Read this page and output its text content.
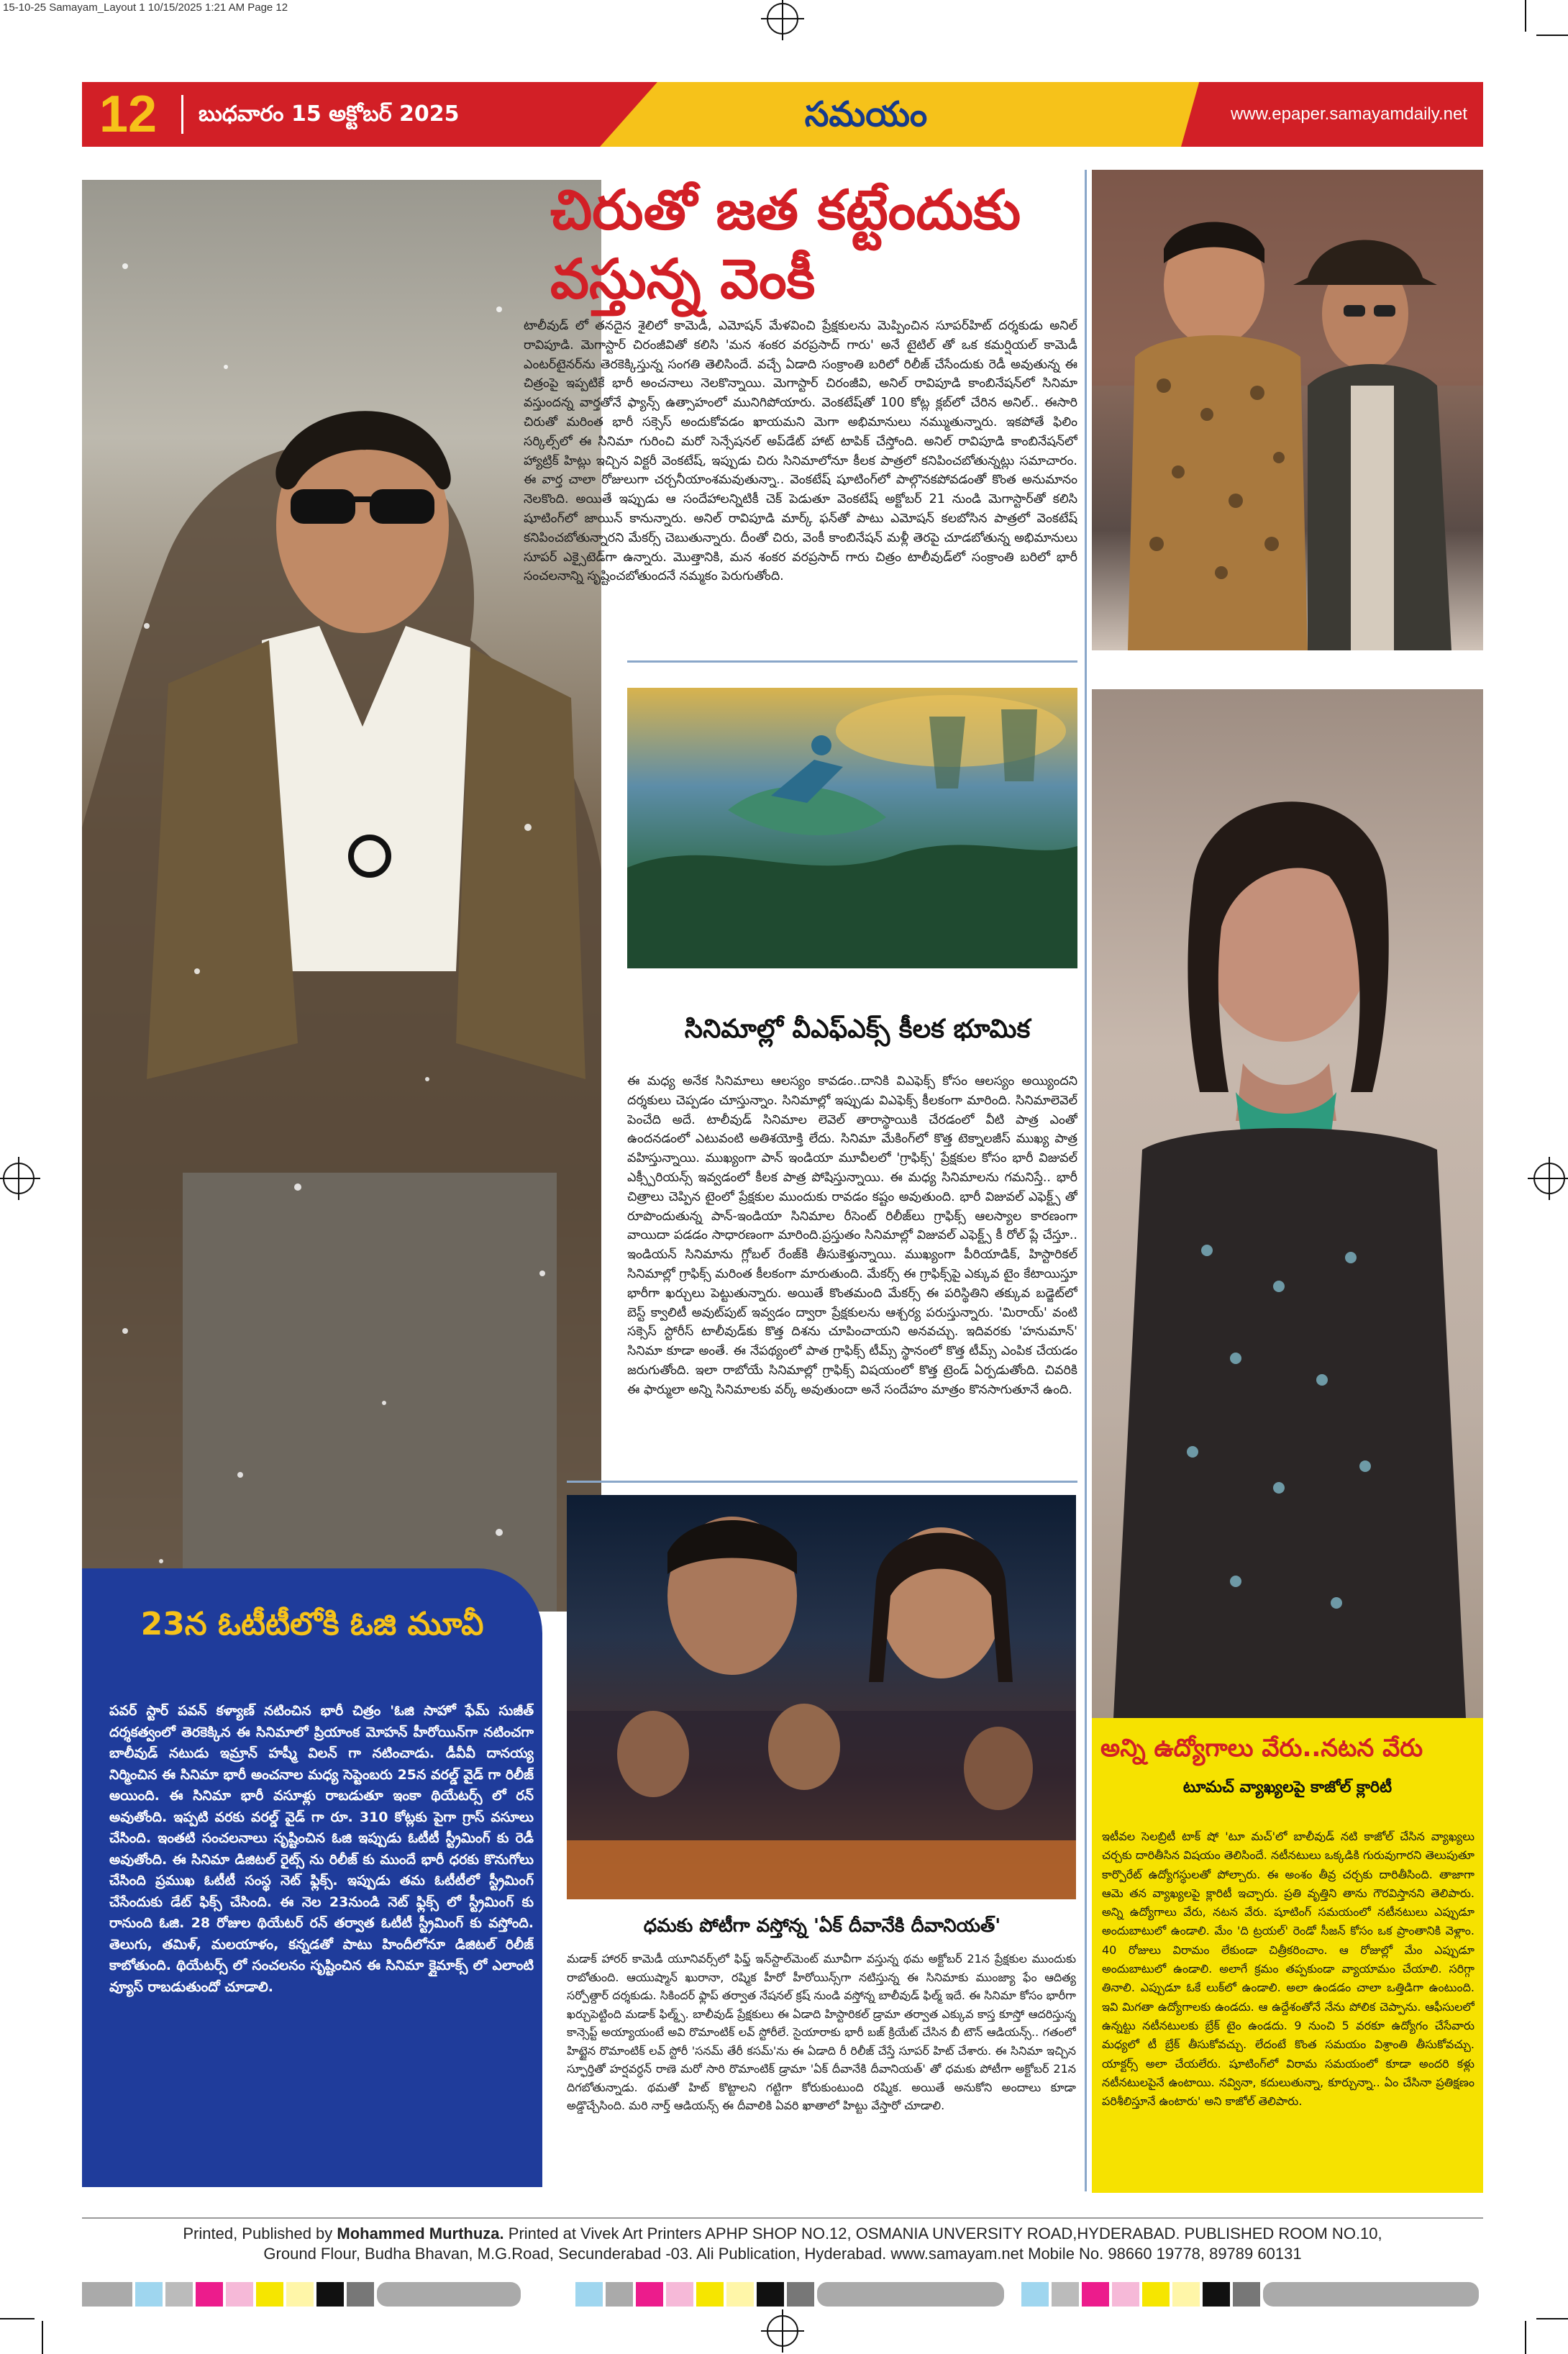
15-10-25 Samayam_Layout 1 10/15/2025 1:21 AM Page 12
12 బుధవారం 15 అక్టోబర్ 2025	సమయం	www.epaper.samayamdaily.net
23న ఓటీటీలోకి ఓజి మూవీ
పవర్ స్టార్ పవన్ కళ్యాణ్ నటించిన భారీ చిత్రం 'ఓజి సాహో ఫేమ్ సుజీత్ దర్శకత్వంలో తెరకెక్కిన ఈ సినిమాలో ప్రియాంక మోహన్ హీరోయిన్‌గా నటించగా బాలీవుడ్ నటుడు ఇమ్రాన్ హష్మీ విలన్ గా నటించాడు. డీవీవీ దానయ్య నిర్మించిన ఈ సినిమా భారీ అంచనాల మధ్య సెప్టెంబరు 25న వరల్డ్ వైడ్ గా రిలీజ్ అయింది. ఈ సినిమా భారీ వసూళ్లు రాబడుతూ ఇంకా థియేటర్స్ లో రన్ అవుతోంది. ఇప్పటి వరకు వరల్డ్ వైడ్ గా రూ. 310 కోట్లకు పైగా గ్రాస్ వసూలు చేసింది. ఇంతటి సంచలనాలు సృష్టించిన ఓజి ఇప్పుడు ఓటీటీ స్ట్రీమింగ్ కు రెడీ అవుతోంది. ఈ సినిమా డిజిటల్ రైట్స్ ను రిలీజ్ కు ముందే భారీ ధరకు కొనుగోలు చేసింది ప్రముఖ ఓటీటీ సంస్థ నెట్ ఫ్లిక్స్. ఇప్పుడు తమ ఓటీటీలో స్ట్రీమింగ్ చేసేందుకు డేట్ ఫిక్స్ చేసింది. ఈ నెల 23నుండి నెట్ ఫ్లిక్స్ లో స్ట్రీమింగ్ కు రానుంది ఓజి. 28 రోజుల థియేటర్ రన్ తర్వాత ఓటీటీ స్ట్రీమింగ్ కు వస్తోంది. తెలుగు, తమిళ్, మలయాళం, కన్నడతో పాటు హిందీలోనూ డిజిటల్ రిలీజ్ కాబోతుంది. థియేటర్స్ లో సంచలనం సృష్టించిన ఈ సినిమా క్లైమాక్స్ లో ఎలాంటి వ్యూస్ రాబడుతుందో చూడాలి.
చిరుతో జత కట్టేందుకు వస్తున్న వెంకీ
టాలీవుడ్ లో తనదైన శైలిలో కామెడీ, ఎమోషన్ మేళవించి ప్రేక్షకులను మెప్పించిన సూపర్‌హిట్ దర్శకుడు అనిల్ రావిపూడి. మెగాస్టార్ చిరంజీవితో కలిసి 'మన శంకర వరప్రసాద్ గారు' అనే టైటిల్ తో ఒక కమర్షియల్ కామెడీ ఎంటర్‌టైనర్‌ను తెరకెక్కిస్తున్న సంగతి తెలిసిందే. వచ్చే ఏడాది సంక్రాంతి బరిలో రిలీజ్ చేసేందుకు రెడీ అవుతున్న ఈ చిత్రంపై ఇప్పటికే భారీ అంచనాలు నెలకొన్నాయి. మెగాస్టార్ చిరంజీవి, అనిల్ రావిపూడి కాంబినేషన్‌లో సినిమా వస్తుందన్న వార్తతోనే ఫ్యాన్స్ ఉత్సాహంలో మునిగిపోయారు. వెంకటేష్‌తో 100 కోట్ల క్లబ్‌లో చేరిన అనిల్.. ఈసారి చిరుతో మరింత భారీ సక్సెస్ అందుకోవడం ఖాయమని మెగా అభిమానులు నమ్ముతున్నారు. ఇకపోతే ఫిలిం సర్కిల్స్‌లో ఈ సినిమా గురించి మరో సెన్సేషనల్ అప్‌డేట్ హాట్ టాపిక్ చేస్తోంది. అనిల్ రావిపూడి కాంబినేషన్‌లో హ్యాట్రిక్ హిట్లు ఇచ్చిన విక్టరీ వెంకటేష్, ఇప్పుడు చిరు సినిమాలోనూ కీలక పాత్రలో కనిపించబోతున్నట్లు సమాచారం. ఈ వార్త చాలా రోజులుగా చర్చనీయాంశమవుతున్నా.. వెంకటేష్ షూటింగ్‌లో పాల్గొనకపోవడంతో కొంత అనుమానం నెలకొంది. అయితే ఇప్పుడు ఆ సందేహాలన్నిటికీ చెక్ పెడుతూ వెంకటేష్ అక్టోబర్ 21 నుండి మెగాస్టార్‌తో కలిసి షూటింగ్‌లో జాయిన్ కానున్నారు. అనిల్ రావిపూడి మార్క్ ఫన్‌తో పాటు ఎమోషన్ కలబోసిన పాత్రలో వెంకటేష్ కనిపించబోతున్నారని మేకర్స్ చెబుతున్నారు. దీంతో చిరు, వెంకీ కాంబినేషన్ మళ్లీ తెరపై చూడబోతున్న అభిమానులు సూపర్ ఎక్సైటెడ్‌గా ఉన్నారు. మొత్తానికి, మన శంకర వరప్రసాద్ గారు చిత్రం టాలీవుడ్‌లో సంక్రాంతి బరిలో భారీ సంచలనాన్ని సృష్టించబోతుందనే నమ్మకం పెరుగుతోంది.
సినిమాల్లో వీఎఫ్ఎక్స్ కీలక భూమిక
ఈ మధ్య అనేక సినిమాలు ఆలస్యం కావడం..దానికి విఎఫెక్స్ కోసం ఆలస్యం అయ్యిందని దర్శకులు చెప్పడం చూస్తున్నాం. సినిమాల్లో ఇప్పుడు విఎఫెక్స్ కీలకంగా మారింది. సినిమాలెవెల్ పెంచేది అదే. టాలీవుడ్ సినిమాల లెవెల్ తారాస్థాయికి చేరడంలో వీటి పాత్ర ఎంతో ఉందనడంలో ఎటువంటి అతిశయోక్తి లేదు. సినిమా మేకింగ్‌లో కొత్త టెక్నాలజీస్ ముఖ్య పాత్ర వహిస్తున్నాయి. ముఖ్యంగా పాన్ ఇండియా మూవీలలో 'గ్రాఫిక్స్' ప్రేక్షకుల కోసం భారీ విజువల్ ఎక్స్పీరియన్స్ ఇవ్వడంలో కీలక పాత్ర పోషిస్తున్నాయి. ఈ మధ్య సినిమాలను గమనిస్తే.. భారీ చిత్రాలు చెప్పిన టైంలో ప్రేక్షకుల ముందుకు రావడం కష్టం అవుతుంది. భారీ విజువల్ ఎఫెక్ట్స్ తో రూపొందుతున్న పాన్-ఇండియా సినిమాల రీసెంట్ రిలీజ్‌లు గ్రాఫిక్స్ ఆలస్యాల కారణంగా వాయిదా పడడం సాధారణంగా మారింది.ప్రస్తుతం సినిమాల్లో విజువల్ ఎఫెక్ట్స్ కీ రోల్ ప్లే చేస్తూ.. ఇండియన్ సినిమాను గ్లోబల్ రేంజ్‌కి తీసుకెళ్తున్నాయి. ముఖ్యంగా పీరియాడిక్, హిస్టారికల్ సినిమాల్లో గ్రాఫిక్స్ మరింత కీలకంగా మారుతుంది. మేకర్స్ ఈ గ్రాఫిక్స్‌పై ఎక్కువ టైం కేటాయిస్తూ భారీగా ఖర్చులు పెట్టుతున్నారు. అయితే కొంతమంది మేకర్స్ ఈ పరిస్థితిని తక్కువ బడ్జెట్‌లో బెస్ట్ క్వాలిటీ అవుట్‌పుట్ ఇవ్వడం ద్వారా ప్రేక్షకులను ఆశ్చర్య పరుస్తున్నారు. 'మిరాయ్' వంటి సక్సెస్ స్టోరీస్ టాలీవుడ్‌కు కొత్త దిశను చూపించాయని అనవచ్చు. ఇదివరకు 'హనుమాన్' సినిమా కూడా అంతే. ఈ నేపథ్యంలో పాత గ్రాఫిక్స్ టీమ్స్ స్థానంలో కొత్త టీమ్స్ ఎంపిక చేయడం జరుగుతోంది. ఇలా రాబోయే సినిమాల్లో గ్రాఫిక్స్ విషయంలో కొత్త ట్రెండ్ ఏర్పడుతోంది. చివరికి ఈ ఫార్ములా అన్ని సినిమాలకు వర్క్ అవుతుందా అనే సందేహం మాత్రం కొనసాగుతూనే ఉంది.
ధమకు పోటీగా వస్తోన్న 'ఏక్ దీవానేకి దీవానియత్'
మడాక్ హారర్ కామెడీ యూనివర్స్‌లో ఫిఫ్త్ ఇన్‌స్టాల్‌మెంట్ మూవీగా వస్తున్న థమ అక్టోబర్ 21న ప్రేక్షకుల ముందుకు రాబోతుంది. ఆయుష్మాన్ ఖురానా, రష్మిక హీరో హీరోయిన్స్‌గా నటిస్తున్న ఈ సినిమాకు ముంజ్యా ఫేం ఆదిత్య సర్పోత్దార్ దర్శకుడు. సికిందర్ ఫ్లాప్ తర్వాత నేషనల్ క్రష్ నుండి వస్తోన్న బాలీవుడ్ ఫిల్మ్ ఇదే. ఈ సినిమా కోసం భారీగా ఖర్చుపెట్టింది మడాక్ ఫిల్మ్స్. బాలీవుడ్ ప్రేక్షకులు ఈ ఏడాది హిస్టారికల్ డ్రామా తర్వాత ఎక్కువ కాస్త కూస్తో ఆదరిస్తున్న కాన్సెప్ట్ అయ్యాయంటే అవి రొమాంటిక్ లవ్ స్టోరీలే. సైయారాకు భారీ బజ్ క్రియేట్ చేసిన బీ టౌన్ ఆడియన్స్.. గతంలో హిట్టైన రొమాంటిక్ లవ్ స్టోరీ 'సనమ్ తేరీ కసమ్'ను ఈ ఏడాది రీ రిలీజ్ చేస్తే సూపర్ హిట్ చేశారు. ఈ సినిమా ఇచ్చిన స్ఫూర్తితో హర్షవర్ధన్ రాణె మరో సారి రొమాంటిక్ డ్రామా 'ఏక్ దీవానేకి దీవానియత్' తో ధమకు పోటీగా అక్టోబర్ 21న దిగబోతున్నాడు. థమతో హిట్ కొట్టాలని గట్టిగా కోరుకుంటుంది రష్మిక. అయితే అనుకోని అందాలు కూడా అడ్డొచ్చేసింది. మరి నార్త్ ఆడియన్స్ ఈ దీవాలికి ఏవరి ఖాతాలో హిట్టు వేస్తారో చూడాలి.
అన్ని ఉద్యోగాలు వేరు..నటన వేరు
టూమచ్ వ్యాఖ్యలపై కాజోల్ క్లారిటీ
ఇటీవల సెలబ్రిటీ టాక్ షో 'టూ మచ్'లో బాలీవుడ్ నటి కాజోల్ చేసిన వ్యాఖ్యలు చర్చకు దారితీసిన విషయం తెలిసిందే. నటీనటులు ఒక్కడికి గురువుగారని తెలుపుతూ కార్పొరేట్ ఉద్యోగస్థులతో పోల్చారు. ఈ అంశం తీవ్ర చర్చకు దారితీసింది. తాజాగా ఆమె తన వ్యాఖ్యలపై క్లారిటీ ఇచ్చారు. ప్రతి వృత్తిని తాను గౌరవిస్తానని తెలిపారు. అన్ని ఉద్యోగాలు వేరు, నటన వేరు. షూటింగ్ సమయంలో నటీనటులు ఎప్పుడూ అందుబాటులో ఉండాలి. మేం 'ది ట్రయల్' రెండో సీజన్ కోసం ఒక ప్రాంతానికి వెళ్లాం. 40 రోజులు విరామం లేకుండా చిత్రీకరించాం. ఆ రోజుల్లో మేం ఎప్పుడూ అందుబాటులో ఉండాలి. అలాగే క్రమం తప్పకుండా వ్యాయామం చేయాలి. సరిగ్గా తినాలి. ఎప్పుడూ ఓకే లుక్‌లో ఉండాలి. అలా ఉండడం చాలా ఒత్తిడిగా ఉంటుంది. ఇవి మిగతా ఉద్యోగాలకు ఉండదు. ఆ ఉద్దేశంతోనే నేను పోలిక చెప్పాను. ఆఫీసులలో ఉన్నట్టు నటీనటులకు బ్రేక్ టైం ఉండదు. 9 నుంచి 5 వరకూ ఉద్యోగం చేసేవారు మధ్యలో టీ బ్రేక్ తీసుకోవచ్చు. లేదంటే కొంత సమయం విశ్రాంతి తీసుకోవచ్చు. యాక్టర్స్ అలా చేయలేరు. షూటింగ్‌లో విరామ సమయంలో కూడా అందరి కళ్లు నటీనటులపైనే ఉంటాయి. నవ్వినా, కదులుతున్నా, కూర్చున్నా.. ఏం చేసినా ప్రతిక్షణం పరిశీలిస్తూనే ఉంటారు' అని కాజోల్ తెలిపారు.
Printed, Published by Mohammed Murthuza. Printed at Vivek Art Printers APHP SHOP NO.12, OSMANIA UNVERSITY ROAD,HYDERABAD. PUBLISHED ROOM NO.10,
Ground Flour, Budha Bhavan, M.G.Road, Secunderabad -03. Ali Publication, Hyderabad. www.samayam.net Mobile No. 98660 19778, 89789 60131
